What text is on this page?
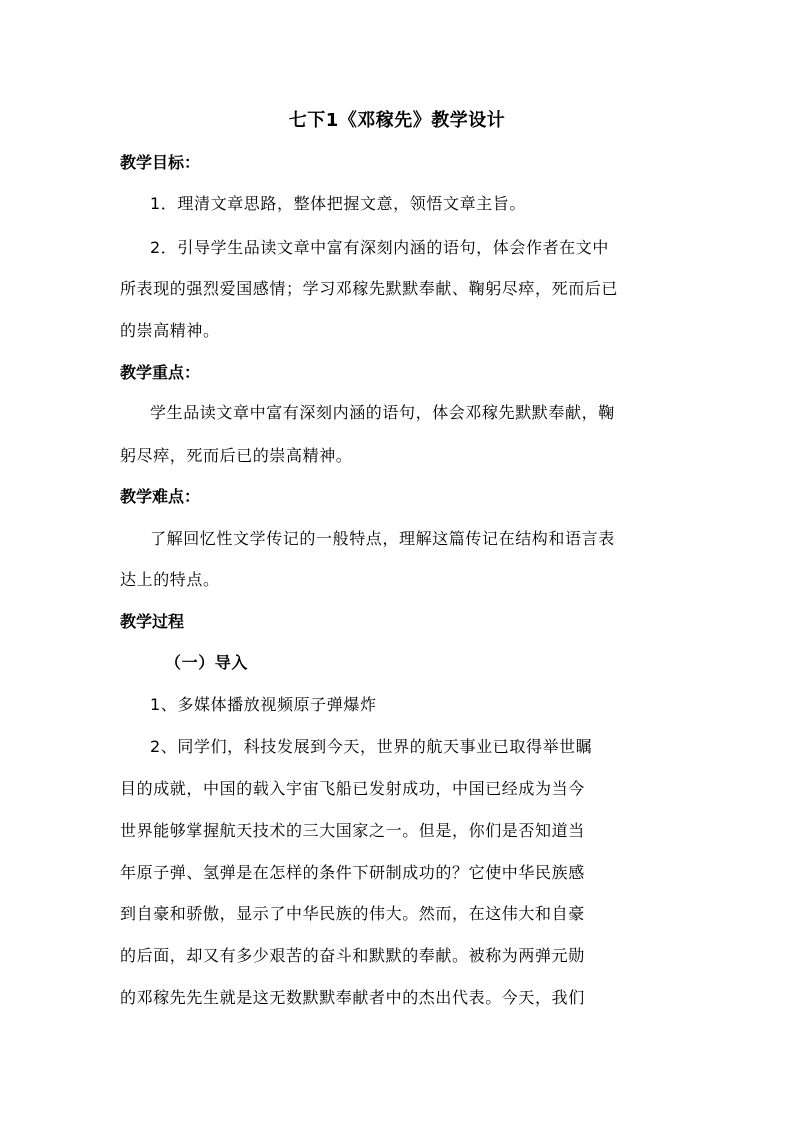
七下1《邓稼先》教学设计
教学目标：
1．理清文章思路，整体把握文意，领悟文章主旨。
2．引导学生品读文章中富有深刻内涵的语句，体会作者在文中
所表现的强烈爱国感情；学习邓稼先默默奉献、鞠躬尽瘁，死而后已
的崇高精神。
教学重点：
学生品读文章中富有深刻内涵的语句，体会邓稼先默默奉献，鞠
躬尽瘁，死而后已的崇高精神。
教学难点：
了解回忆性文学传记的一般特点，理解这篇传记在结构和语言表
达上的特点。
教学过程
（一）导入
1、多媒体播放视频原子弹爆炸
2、同学们，科技发展到今天，世界的航天事业已取得举世瞩
目的成就，中国的载入宇宙飞船已发射成功，中国已经成为当今
世界能够掌握航天技术的三大国家之一。但是，你们是否知道当
年原子弹、氢弹是在怎样的条件下研制成功的？它使中华民族感
到自豪和骄傲，显示了中华民族的伟大。然而，在这伟大和自豪
的后面，却又有多少艰苦的奋斗和默默的奉献。被称为两弹元勋
的邓稼先先生就是这无数默默奉献者中的杰出代表。今天，我们
